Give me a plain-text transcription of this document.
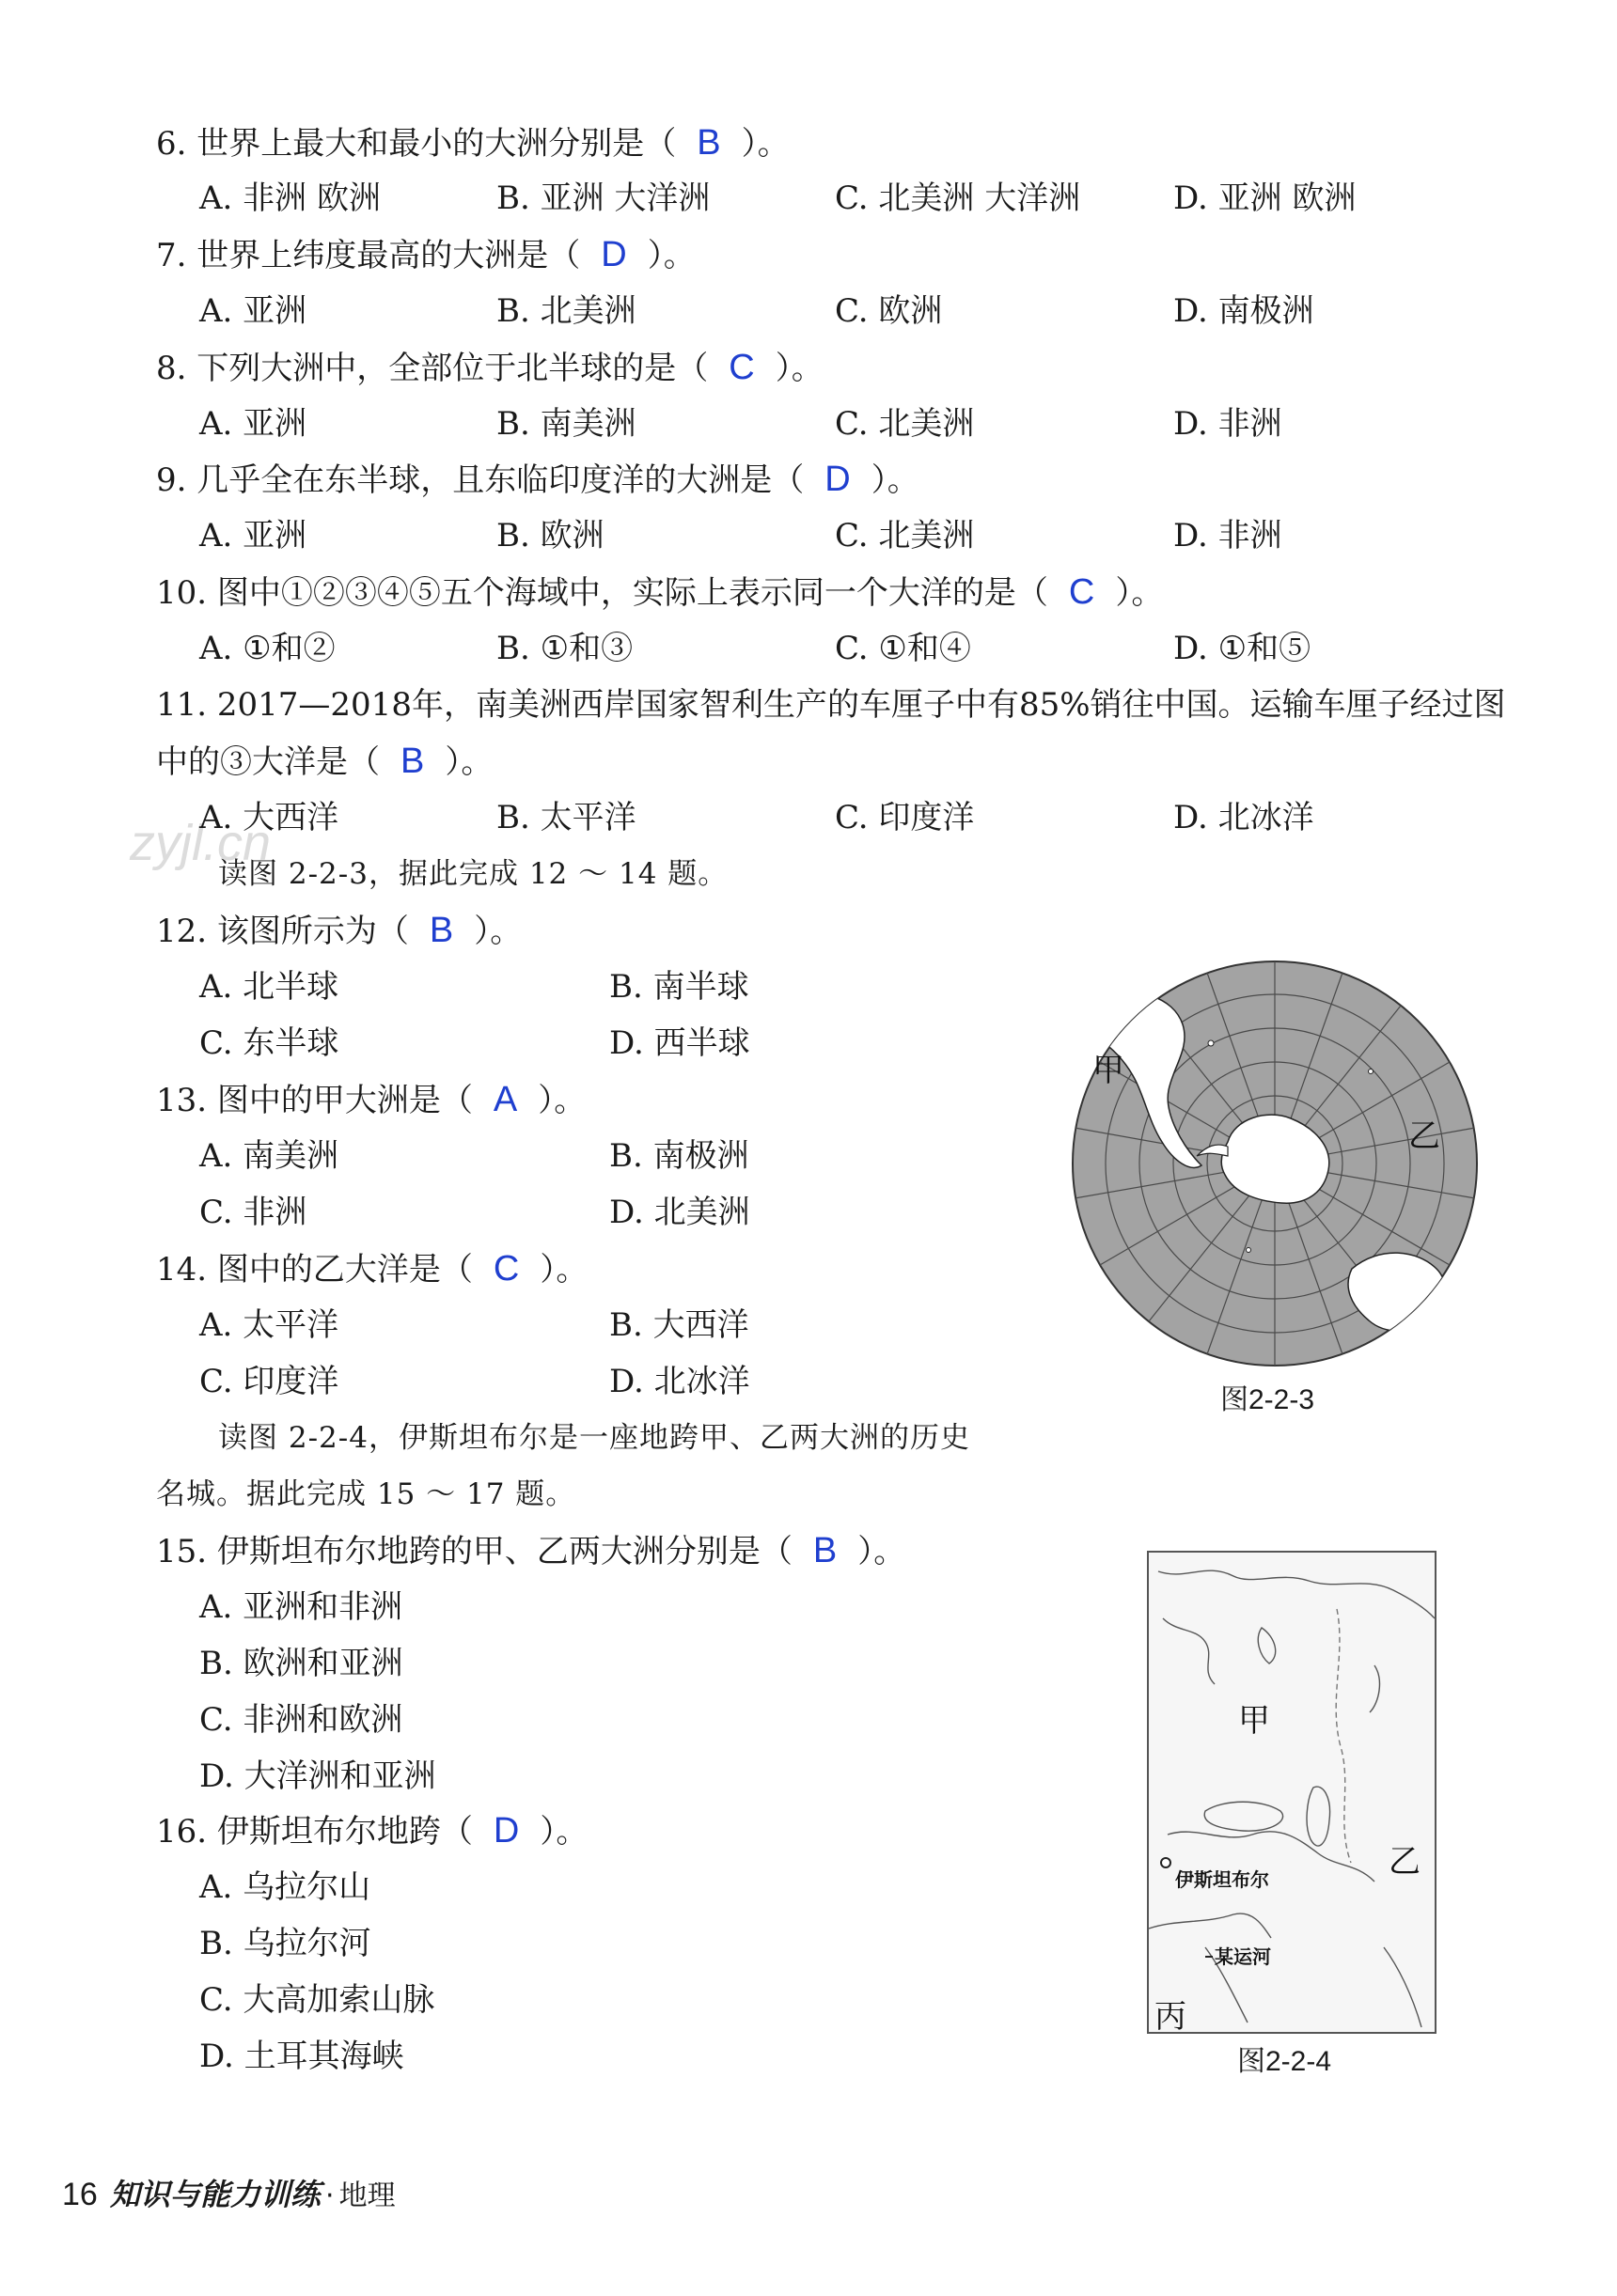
zyjl.cn
6. 世界上最大和最小的大洲分别是（ B ）。
A. 非洲 欧洲	B. 亚洲 大洋洲	C. 北美洲 大洋洲	D. 亚洲 欧洲
7. 世界上纬度最高的大洲是（ D ）。
A. 亚洲	B. 北美洲	C. 欧洲	D. 南极洲
8. 下列大洲中，全部位于北半球的是（ C ）。
A. 亚洲	B. 南美洲	C. 北美洲	D. 非洲
9. 几乎全在东半球，且东临印度洋的大洲是（ D ）。
A. 亚洲	B. 欧洲	C. 北美洲	D. 非洲
10. 图中①②③④⑤五个海域中，实际上表示同一个大洋的是（ C ）。
A. ①和②	B. ①和③	C. ①和④	D. ①和⑤
11. 2017—2018年，南美洲西岸国家智利生产的车厘子中有85%销往中国。运输车厘子经过图
中的③大洋是（ B ）。
A. 大西洋	B. 太平洋	C. 印度洋	D. 北冰洋
读图 2-2-3，据此完成 12 ～ 14 题。
12. 该图所示为（ B ）。
A. 北半球	B. 南半球
C. 东半球	D. 西半球
13. 图中的甲大洲是（ A ）。
A. 南美洲	B. 南极洲
C. 非洲	D. 北美洲
14. 图中的乙大洋是（ C ）。
A. 太平洋	B. 大西洋
C. 印度洋	D. 北冰洋
甲
乙
图2-2-3
读图 2-2-4，伊斯坦布尔是一座地跨甲、乙两大洲的历史
名城。据此完成 15 ～ 17 题。
15. 伊斯坦布尔地跨的甲、乙两大洲分别是（ B ）。
A. 亚洲和非洲
B. 欧洲和亚洲
C. 非洲和欧洲
D. 大洋洲和亚洲
16. 伊斯坦布尔地跨（ D ）。
A. 乌拉尔山
B. 乌拉尔河
C. 大高加索山脉
D. 土耳其海峡
甲
乙
丙
伊斯坦布尔
某运河
图2-2-4
16 知识与能力训练 · 地理
